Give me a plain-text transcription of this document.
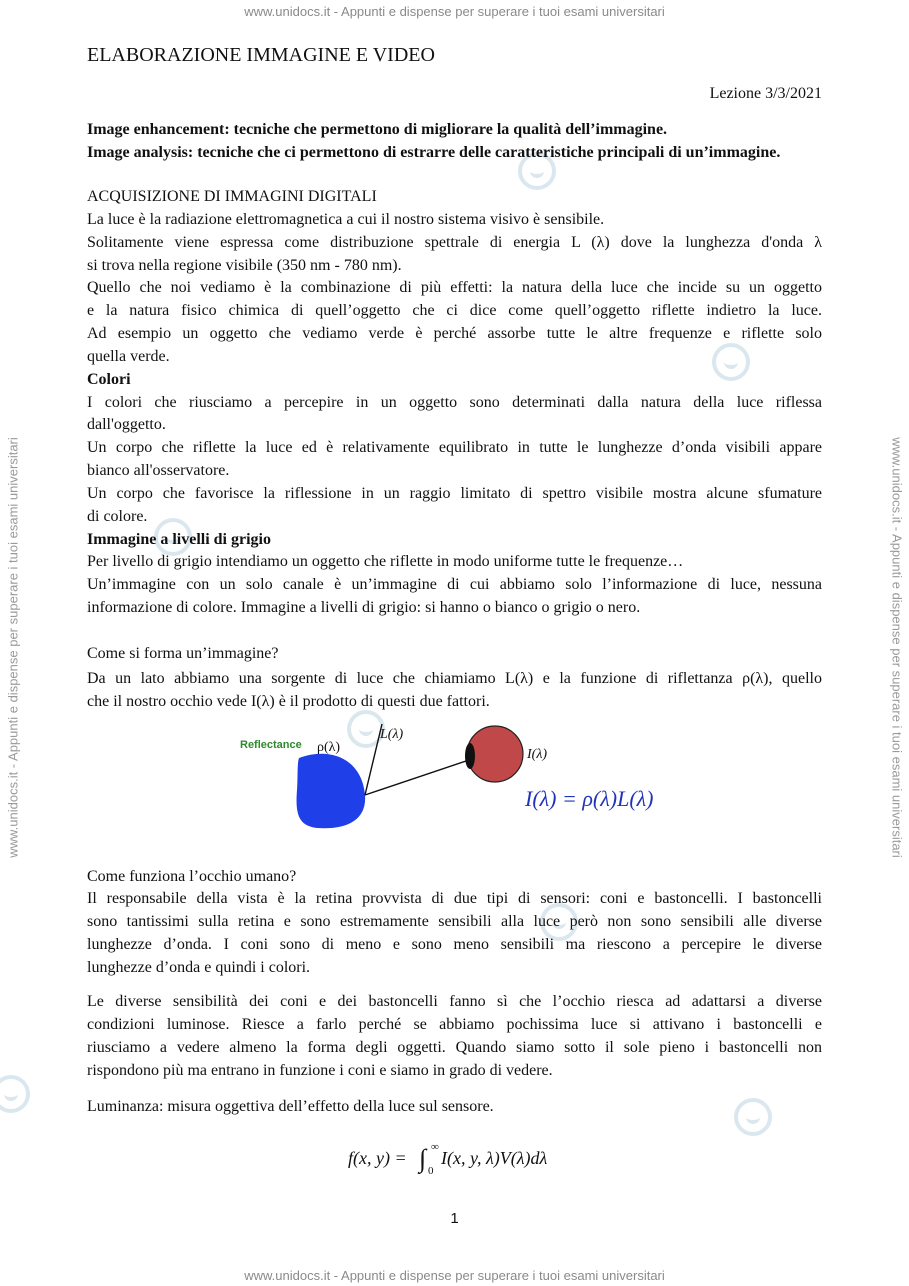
www.unidocs.it - Appunti e dispense per superare i tuoi esami universitari
www.unidocs.it - Appunti e dispense per superare i tuoi esami universitari
www.unidocs.it - Appunti e dispense per superare i tuoi esami universitari	www.unidocs.it - Appunti e dispense per superare i tuoi esami universitari
ELABORAZIONE IMMAGINE E VIDEO
Lezione 3/3/2021
Image enhancement: tecniche che permettono di migliorare la qualità dell’immagine.
Image analysis: tecniche che ci permettono di estrarre delle caratteristiche principali di un’immagine.
ACQUISIZIONE DI IMMAGINI DIGITALI
La luce è la radiazione elettromagnetica a cui il nostro sistema visivo è sensibile.
Solitamente viene espressa come distribuzione spettrale di energia L (λ) dove la lunghezza d'onda λ
si trova nella regione visibile (350 nm - 780 nm).
Quello che noi vediamo è la combinazione di più effetti: la natura della luce che incide su un oggetto
e la natura fisico chimica di quell’oggetto che ci dice come quell’oggetto riflette indietro la luce.
Ad esempio un oggetto che vediamo verde è perché assorbe tutte le altre frequenze e riflette solo
quella verde.
Colori
I colori che riusciamo a percepire in un oggetto sono determinati dalla natura della luce riflessa
dall'oggetto.
Un corpo che riflette la luce ed è relativamente equilibrato in tutte le lunghezze d’onda visibili appare
bianco all'osservatore.
Un corpo che favorisce la riflessione in un raggio limitato di spettro visibile mostra alcune sfumature
di colore.
Immagine a livelli di grigio
Per livello di grigio intendiamo un oggetto che riflette in modo uniforme tutte le frequenze…
Un’immagine con un solo canale è un’immagine di cui abbiamo solo l’informazione di luce, nessuna
informazione di colore. Immagine a livelli di grigio: si hanno o bianco o grigio o nero.
Come si forma un’immagine?
Da un lato abbiamo una sorgente di luce che chiamiamo L(λ) e la funzione di riflettanza ρ(λ), quello
che il nostro occhio vede I(λ) è il prodotto di questi due fattori.
Come funziona l’occhio umano?
Il responsabile della vista è la retina provvista di due tipi di sensori: coni e bastoncelli. I bastoncelli
sono tantissimi sulla retina e sono estremamente sensibili alla luce però non sono sensibili alle diverse
lunghezze d’onda. I coni sono di meno e sono meno sensibili ma riescono a percepire le diverse
lunghezze d’onda e quindi i colori.
Le diverse sensibilità dei coni e dei bastoncelli fanno sì che l’occhio riesca ad adattarsi a diverse
condizioni luminose. Riesce a farlo perché se abbiamo pochissima luce si attivano i bastoncelli e
riusciamo a vedere almeno la forma degli oggetti. Quando siamo sotto il sole pieno i bastoncelli non
rispondono più ma entrano in funzione i coni e siamo in grado di vedere.
Luminanza: misura oggettiva dell’effetto della luce sul sensore.
Reflectance ρ(λ)
L(λ)
I(λ)
I(λ) = ρ(λ)L(λ)
f(x, y) = ∫ ∞
0
I(x, y, λ)V(λ)dλ
1
